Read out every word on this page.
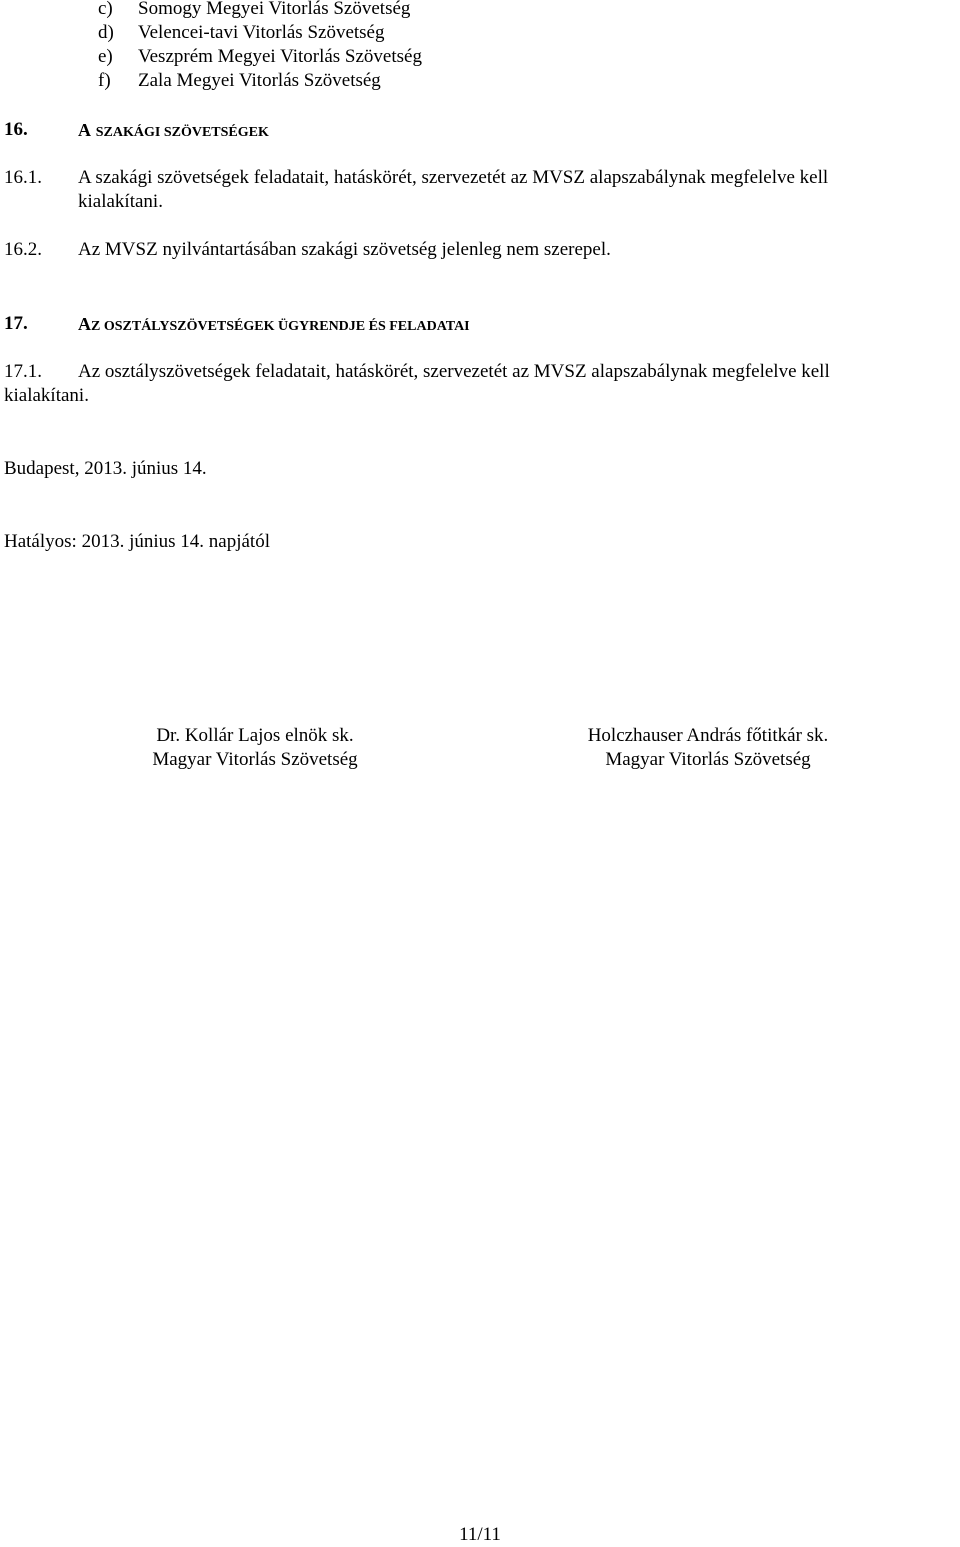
c) Somogy Megyei Vitorlás Szövetség
d) Velencei-tavi Vitorlás Szövetség
e) Veszprém Megyei Vitorlás Szövetség
f) Zala Megyei Vitorlás Szövetség
16.	A SZAKÁGI SZÖVETSÉGEK
16.1. A szakági szövetségek feladatait, hatáskörét, szervezetét az MVSZ alapszabálynak megfelelve kell
kialakítani.
16.2. Az MVSZ nyilvántartásában szakági szövetség jelenleg nem szerepel.
17.	AZ OSZTÁLYSZÖVETSÉGEK ÜGYRENDJE ÉS FELADATAI
17.1. Az osztályszövetségek feladatait, hatáskörét, szervezetét az MVSZ alapszabálynak megfelelve kell
kialakítani.
Budapest, 2013. június 14.
Hatályos: 2013. június 14. napjától
Dr. Kollár Lajos elnök sk.
Magyar Vitorlás Szövetség
Holczhauser András főtitkár sk.
Magyar Vitorlás Szövetség
11/11
